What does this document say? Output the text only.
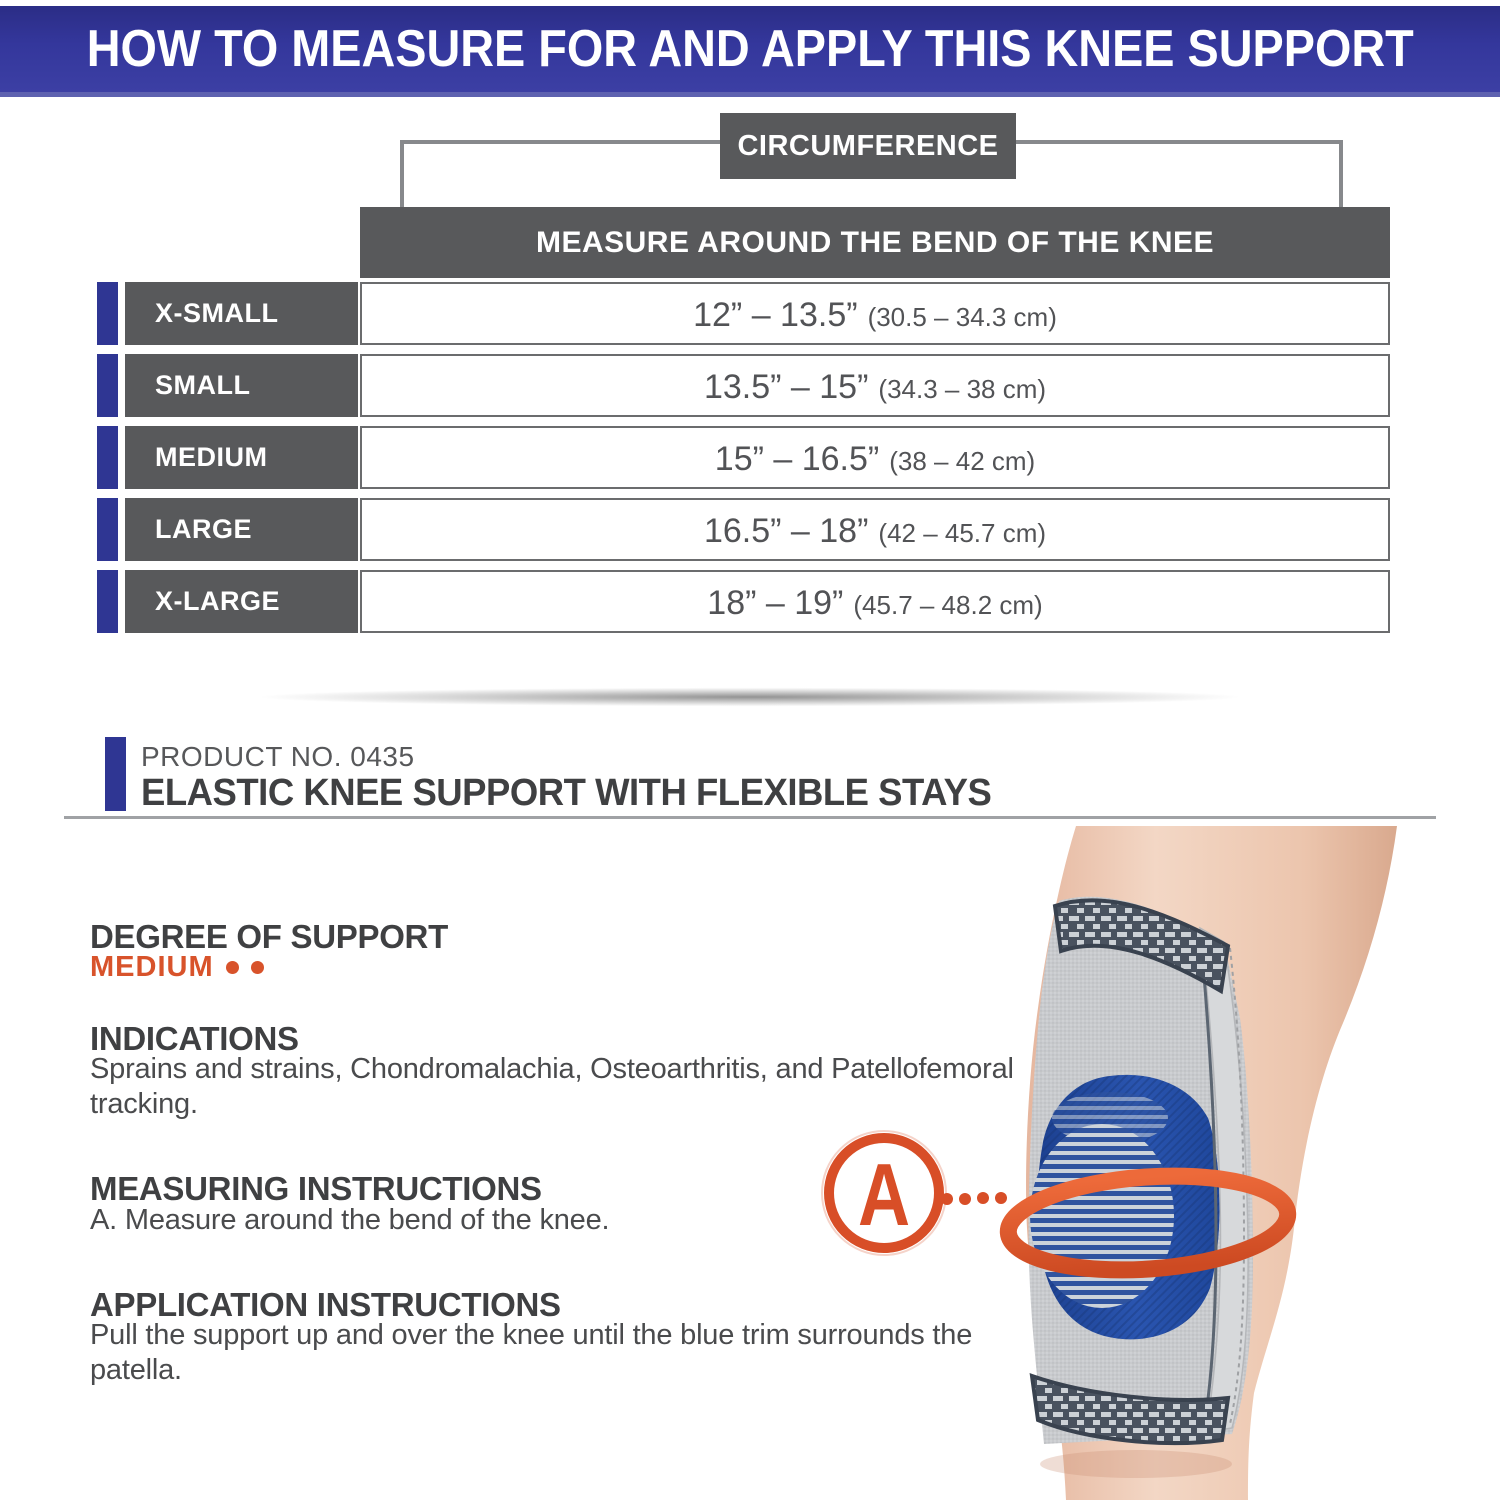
HOW TO MEASURE FOR AND APPLY THIS KNEE SUPPORT
CIRCUMFERENCE
MEASURE AROUND THE BEND OF THE KNEE
X-SMALL	12” – 13.5” (30.5 – 34.3 cm)
SMALL	13.5” – 15” (34.3 – 38 cm)
MEDIUM	15” – 16.5” (38 – 42 cm)
LARGE	16.5” – 18” (42 – 45.7 cm)
X-LARGE	18” – 19” (45.7 – 48.2 cm)
PRODUCT NO. 0435
ELASTIC KNEE SUPPORT WITH FLEXIBLE STAYS
DEGREE OF SUPPORT
MEDIUM
INDICATIONS
Sprains and strains, Chondromalachia, Osteoarthritis, and Patellofemoral tracking.
MEASURING INSTRUCTIONS
A. Measure around the bend of the knee.
APPLICATION INSTRUCTIONS
Pull the support up and over the knee until the blue trim surrounds the patella.
A
